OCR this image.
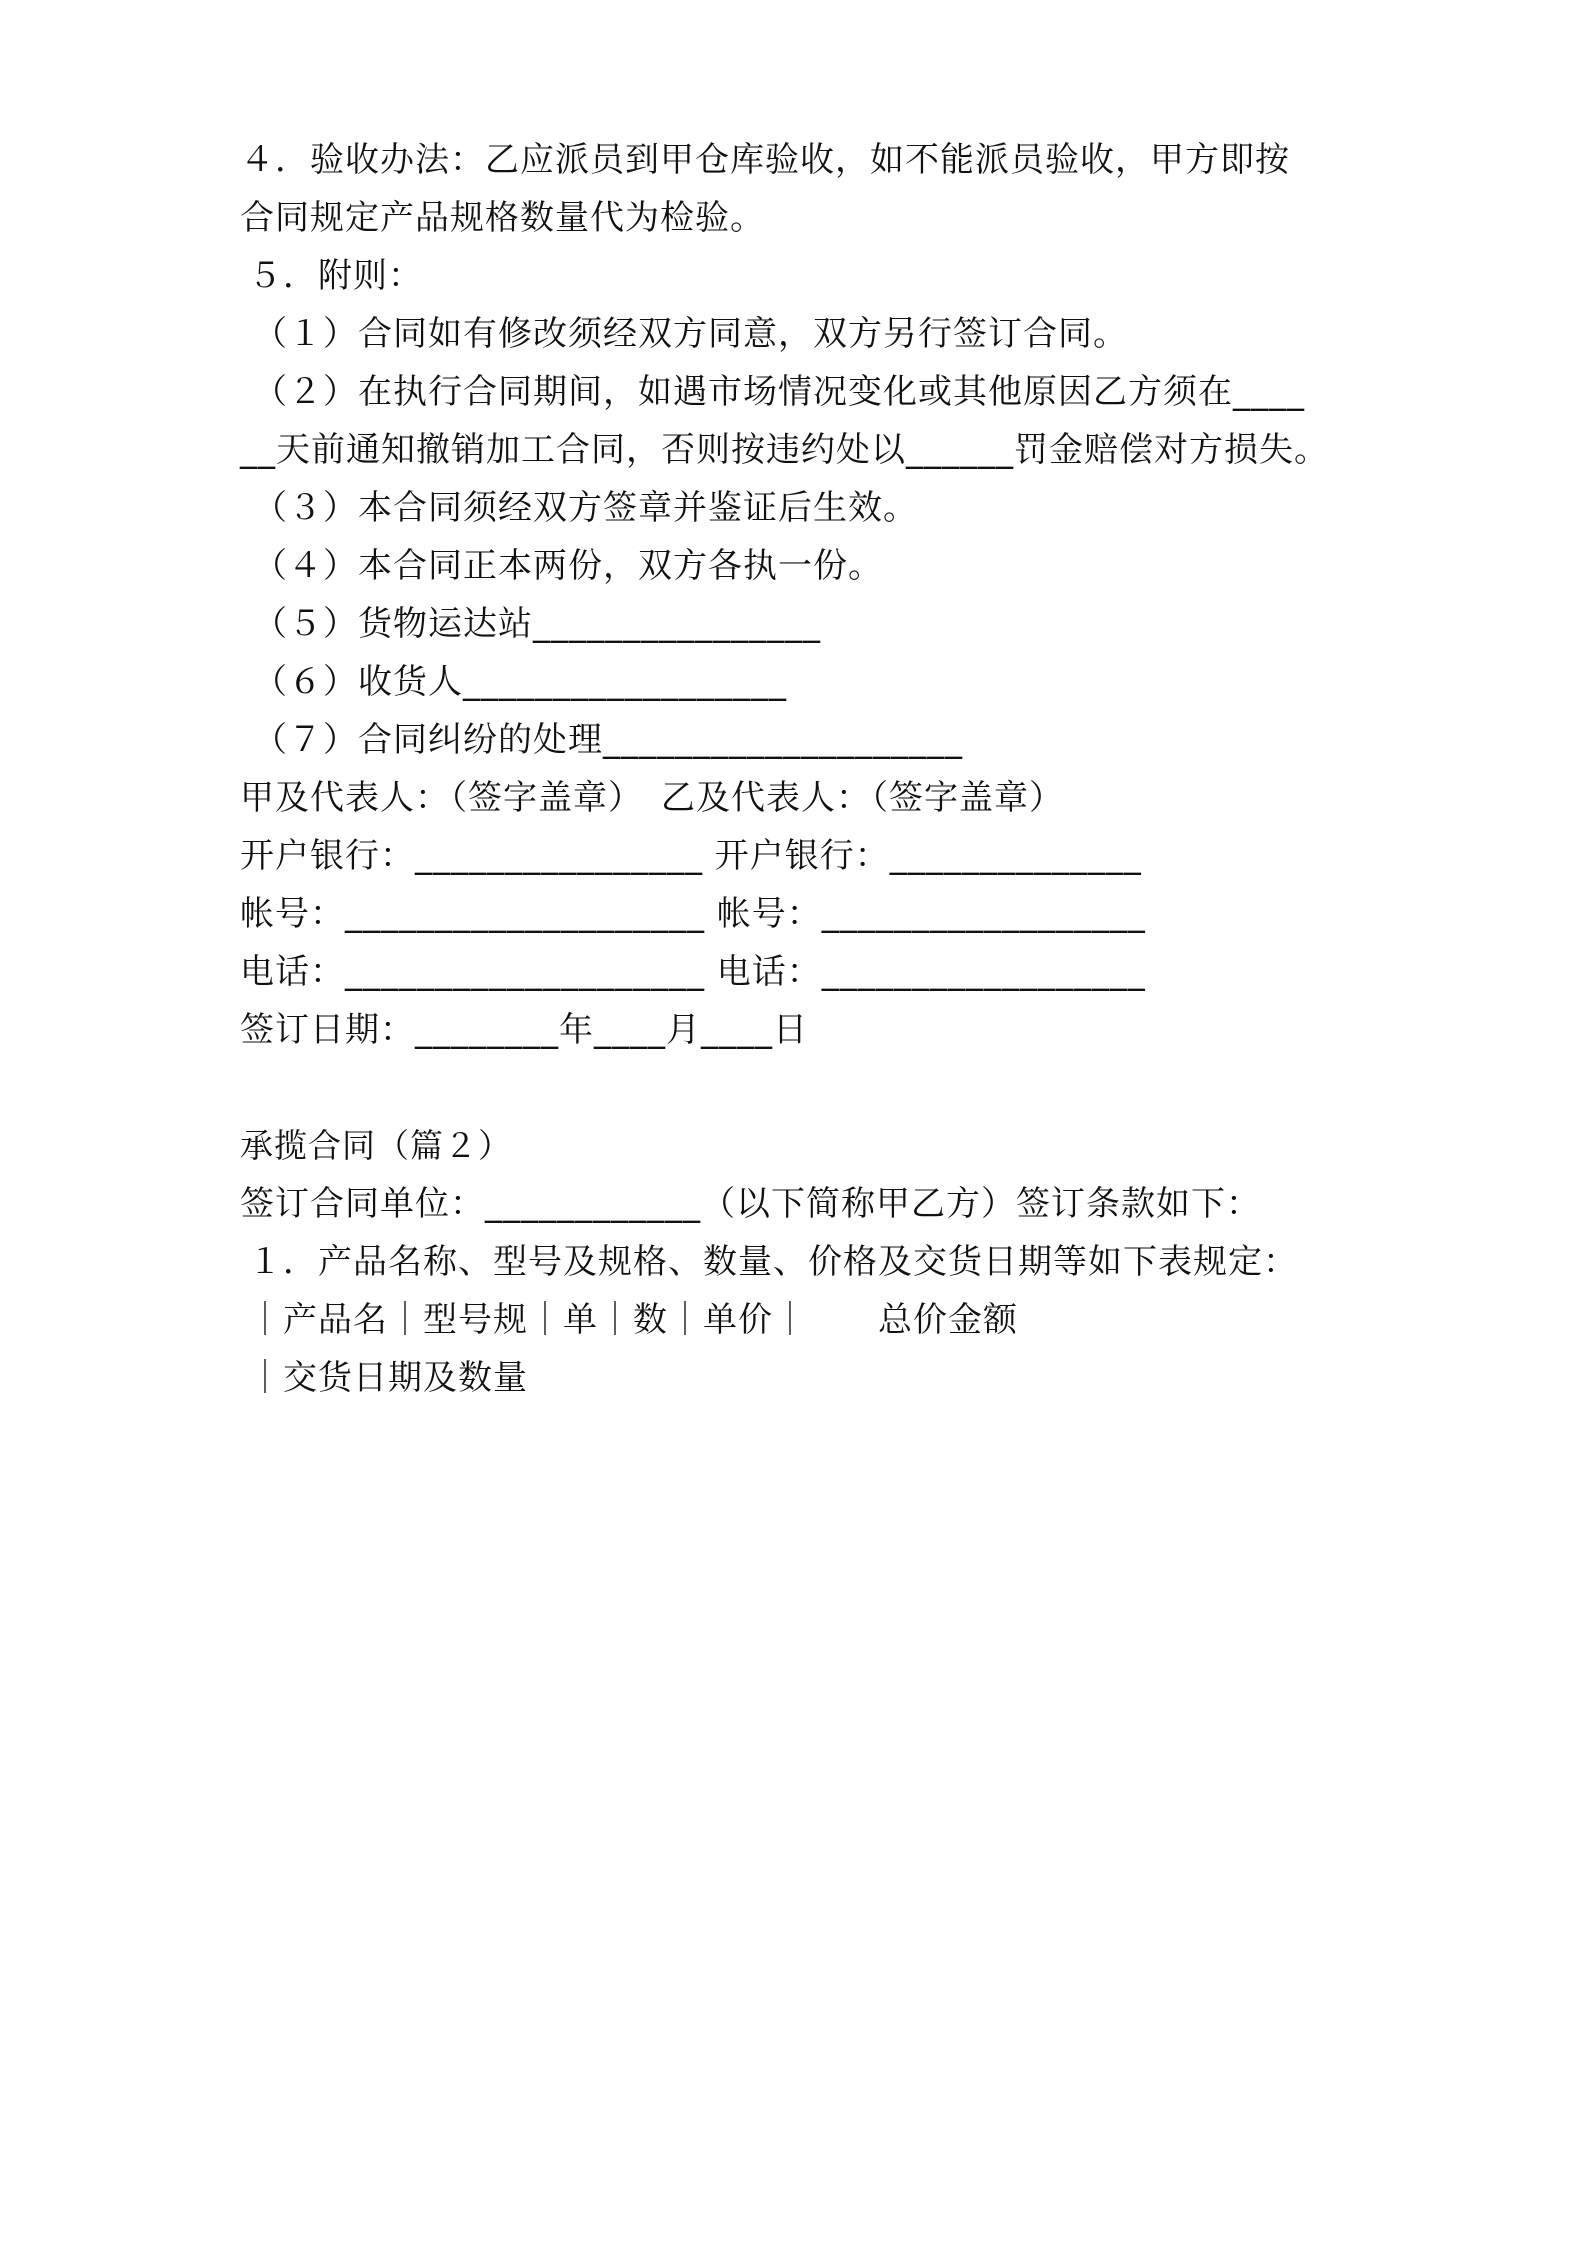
４．验收办法：乙应派员到甲仓库验收，如不能派员验收，甲方即按

合同规定产品规格数量代为检验。

５．附则：

（１）合同如有修改须经双方同意，双方另行签订合同。

（２）在执行合同期间，如遇市场情况变化或其他原因乙方须在____

__天前通知撤销加工合同，否则按违约处以______罚金赔偿对方损失。

（３）本合同须经双方签章并鉴证后生效。

（４）本合同正本两份，双方各执一份。

（５）货物运达站________________

（６）收货人__________________

（７）合同纠纷的处理____________________

甲及代表人：（签字盖章）　乙及代表人：（签字盖章）

开户银行：________________ 开户银行：______________

帐号：____________________ 帐号：__________________

电话：____________________ 电话：__________________

签订日期：________年____月____日

承揽合同（篇２）

签订合同单位：____________（以下简称甲乙方）签订条款如下：

１．产品名称、型号及规格、数量、价格及交货日期等如下表规定：

｜产品名｜型号规｜单｜数｜单价｜　　总价金额

｜交货日期及数量
